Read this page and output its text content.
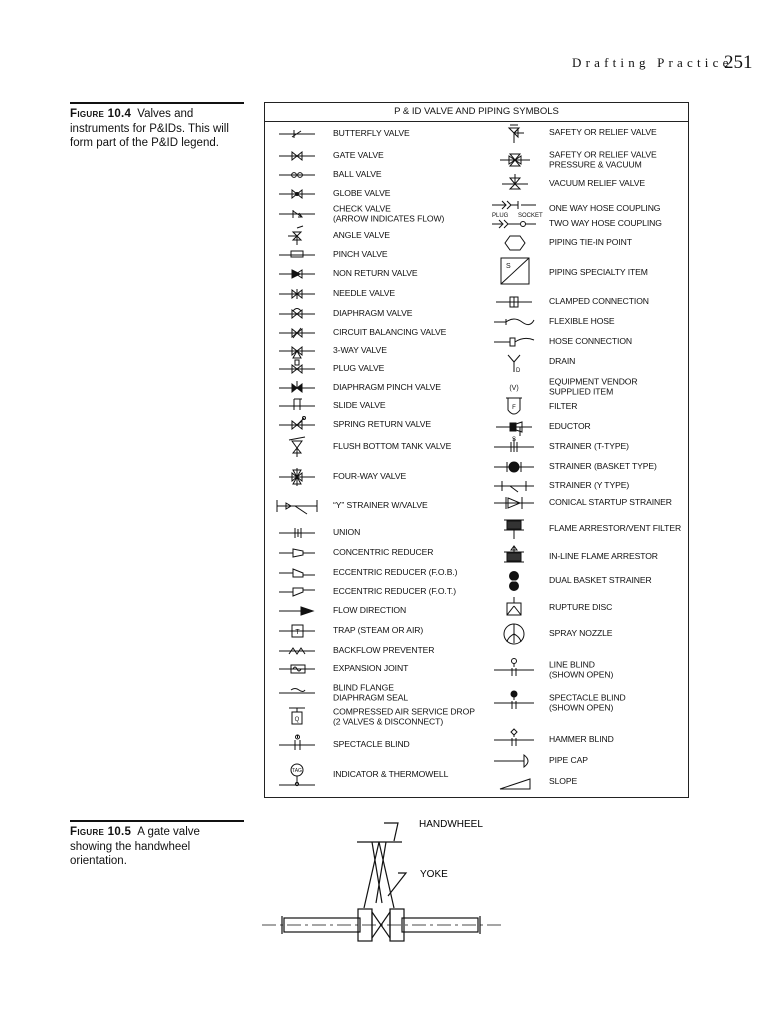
Drafting Practice
251
Figure 10.4 Valves and instruments for P&IDs. This will form part of the P&ID legend.
P & ID VALVE AND PIPING SYMBOLS
BUTTERFLY VALVE
GATE VALVE
BALL VALVE
GLOBE VALVE
CHECK VALVE
(ARROW INDICATES FLOW)
ANGLE VALVE
PINCH VALVE
NON RETURN VALVE
NEEDLE VALVE
DIAPHRAGM VALVE
CIRCUIT BALANCING VALVE
3-WAY VALVE
PLUG VALVE
DIAPHRAGM PINCH VALVE
SLIDE VALVE
SPRING RETURN VALVE
FLUSH BOTTOM TANK VALVE
FOUR-WAY VALVE
“Y” STRAINER W/VALVE
UNION
CONCENTRIC REDUCER
ECCENTRIC REDUCER (F.O.B.)
ECCENTRIC REDUCER (F.O.T.)
FLOW DIRECTION
T	TRAP (STEAM OR AIR)
BACKFLOW PREVENTER
EXPANSION JOINT
BLIND FLANGE
DIAPHRAGM SEAL
Q
COMPRESSED AIR SERVICE DROP
(2 VALVES & DISCONNECT)
SPECTACLE BLIND
TAG	INDICATOR & THERMOWELL
SAFETY OR RELIEF VALVE
SAFETY OR RELIEF VALVE
PRESSURE & VACUUM
VACUUM RELIEF VALVE
PLUG SOCKET
ONE WAY HOSE COUPLING
TWO WAY HOSE COUPLING
PIPING TIE-IN POINT
S
PIPING SPECIALTY ITEM
CLAMPED CONNECTION
FLEXIBLE HOSE
HOSE CONNECTION
D
DRAIN
(V)
EQUIPMENT VENDOR
SUPPLIED ITEM
F	FILTER
EDUCTOR
S
STRAINER (T-TYPE)
STRAINER (BASKET TYPE)
STRAINER (Y TYPE)
CONICAL STARTUP STRAINER
FLAME ARRESTOR/VENT FILTER
IN-LINE FLAME ARRESTOR
DUAL BASKET STRAINER
RUPTURE DISC
SPRAY NOZZLE
LINE BLIND
(SHOWN OPEN)
SPECTACLE BLIND
(SHOWN OPEN)
HAMMER BLIND
PIPE CAP
SLOPE
Figure 10.5 A gate valve showing the handwheel orientation.
HANDWHEEL
YOKE
